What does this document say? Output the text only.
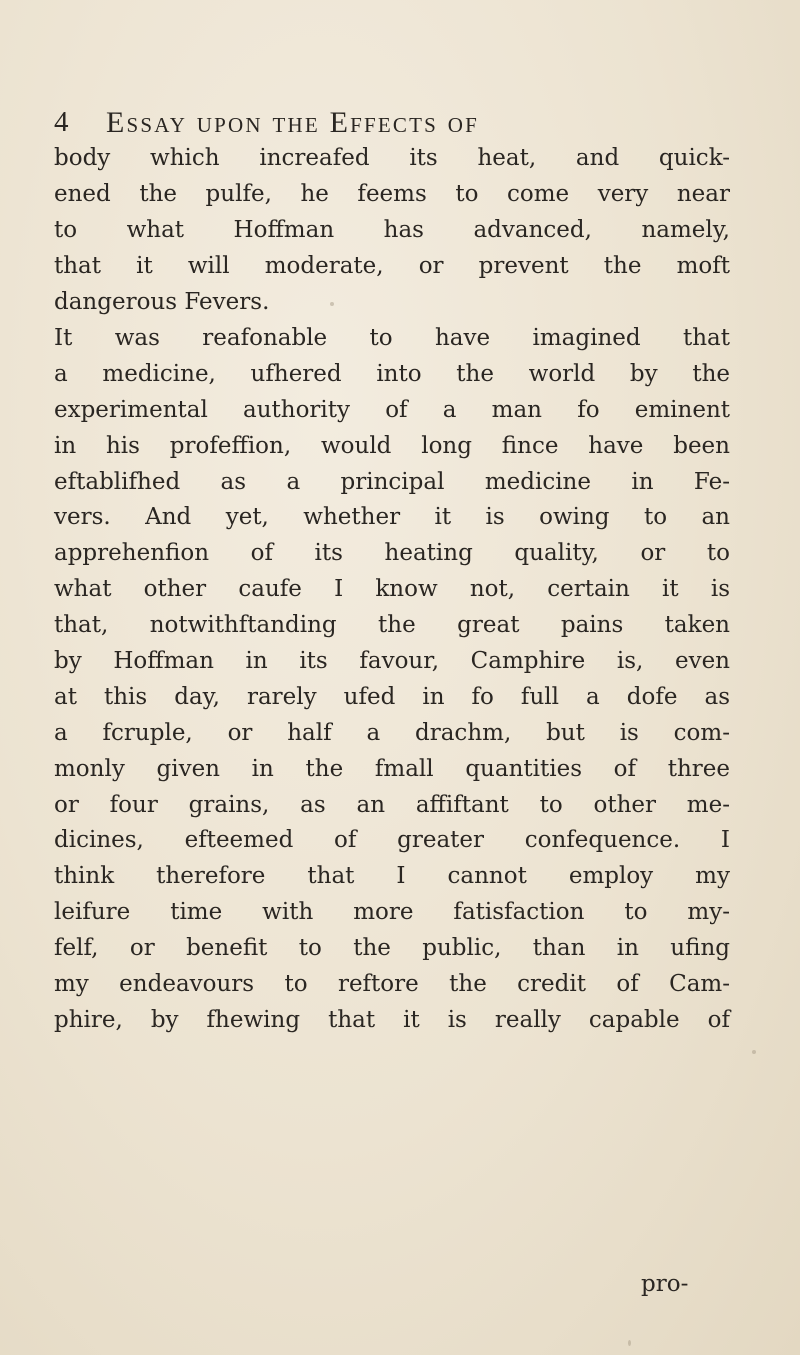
4 Essay upon the Effects of
body which increafed its heat, and quick-
ened the pulfe, he feems to come very near
to what Hoffman has advanced, namely,
that it will moderate, or prevent the moft
dangerous Fevers.
It was reafonable to have imagined that
a medicine, ufhered into the world by the
experimental authority of a man fo eminent
in his profeffion, would long fince have been
eftablifhed as a principal medicine in Fe-
vers. And yet, whether it is owing to an
apprehenfion of its heating quality, or to
what other caufe I know not, certain it is
that, notwithftanding the great pains taken
by Hoffman in its favour, Camphire is, even
at this day, rarely ufed in fo full a dofe as
a fcruple, or half a drachm, but is com-
monly given in the fmall quantities of three
or four grains, as an affiftant to other me-
dicines, efteemed of greater confequence. I
think therefore that I cannot employ my
leifure time with more fatisfaction to my-
felf, or benefit to the public, than in ufing
my endeavours to reftore the credit of Cam-
phire, by fhewing that it is really capable of
pro-
